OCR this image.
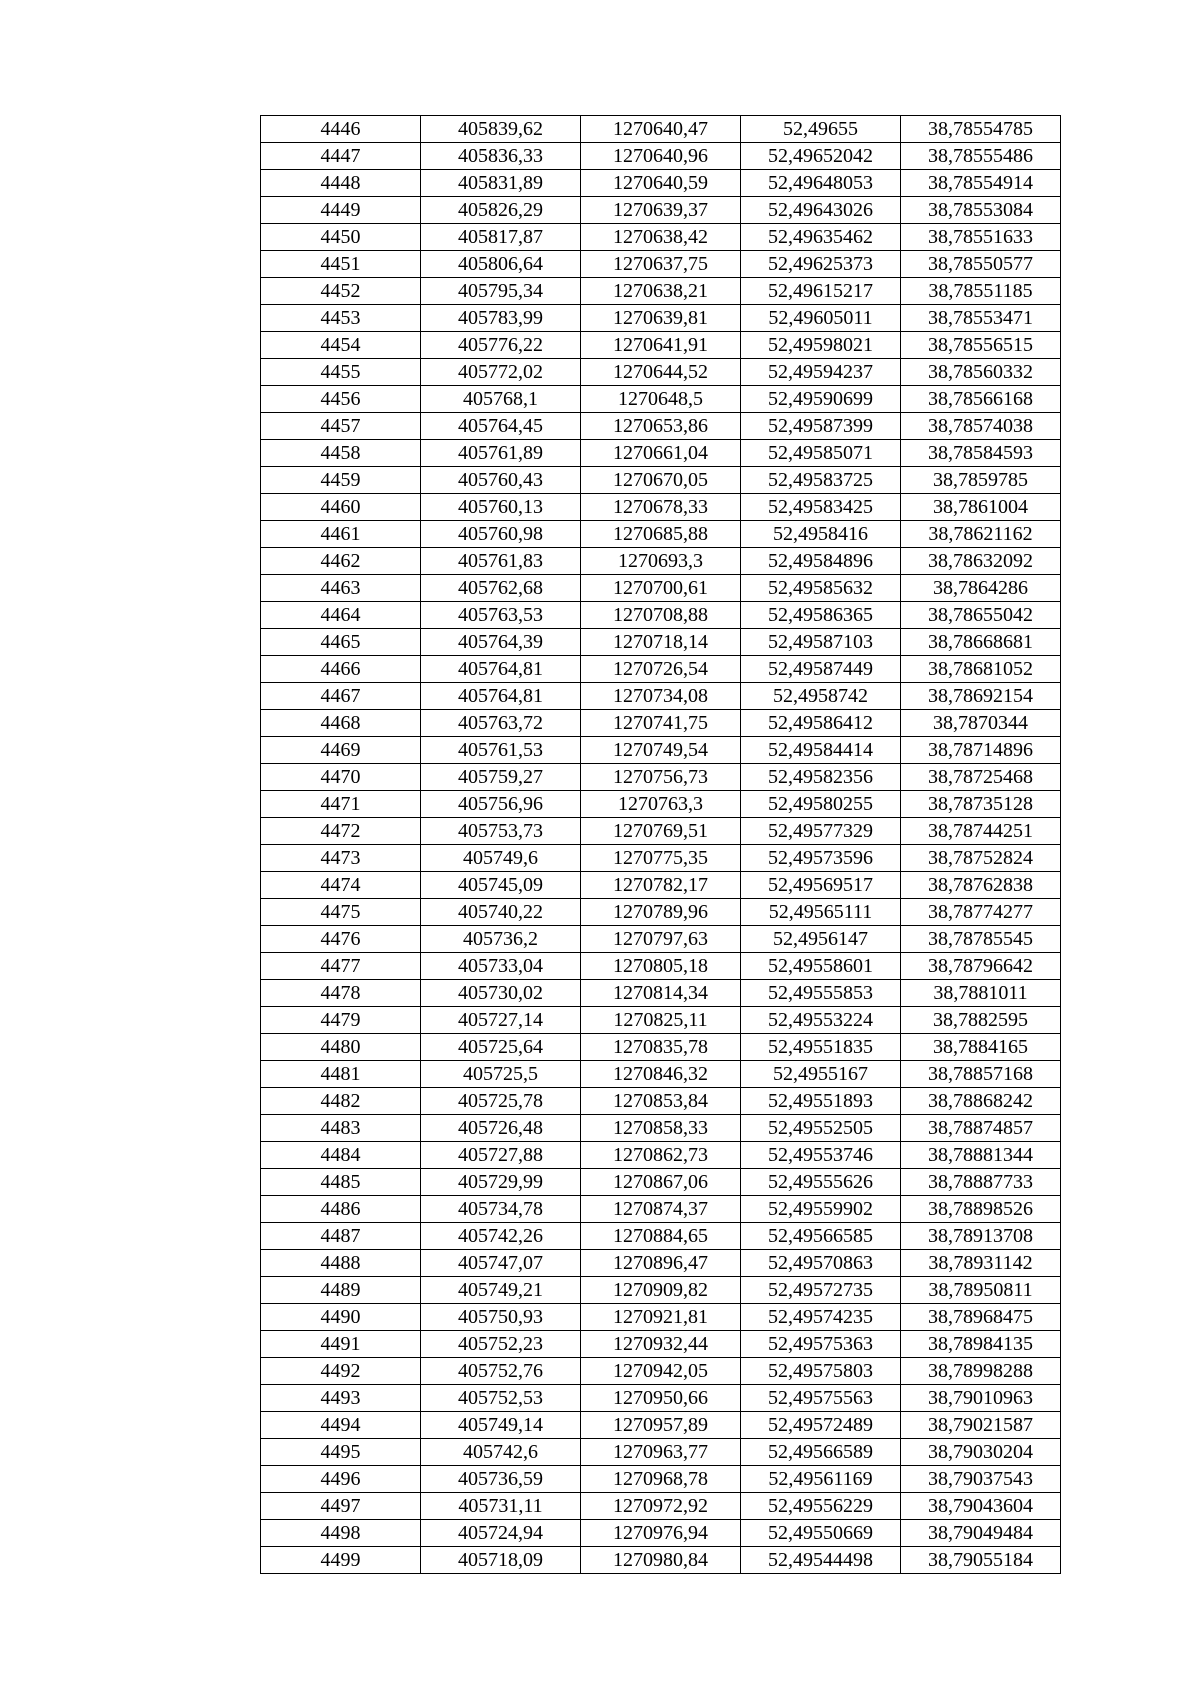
4446	405839,62	1270640,47	52,49655	38,78554785
4447	405836,33	1270640,96	52,49652042	38,78555486
4448	405831,89	1270640,59	52,49648053	38,78554914
4449	405826,29	1270639,37	52,49643026	38,78553084
4450	405817,87	1270638,42	52,49635462	38,78551633
4451	405806,64	1270637,75	52,49625373	38,78550577
4452	405795,34	1270638,21	52,49615217	38,78551185
4453	405783,99	1270639,81	52,49605011	38,78553471
4454	405776,22	1270641,91	52,49598021	38,78556515
4455	405772,02	1270644,52	52,49594237	38,78560332
4456	405768,1	1270648,5	52,49590699	38,78566168
4457	405764,45	1270653,86	52,49587399	38,78574038
4458	405761,89	1270661,04	52,49585071	38,78584593
4459	405760,43	1270670,05	52,49583725	38,7859785
4460	405760,13	1270678,33	52,49583425	38,7861004
4461	405760,98	1270685,88	52,4958416	38,78621162
4462	405761,83	1270693,3	52,49584896	38,78632092
4463	405762,68	1270700,61	52,49585632	38,7864286
4464	405763,53	1270708,88	52,49586365	38,78655042
4465	405764,39	1270718,14	52,49587103	38,78668681
4466	405764,81	1270726,54	52,49587449	38,78681052
4467	405764,81	1270734,08	52,4958742	38,78692154
4468	405763,72	1270741,75	52,49586412	38,7870344
4469	405761,53	1270749,54	52,49584414	38,78714896
4470	405759,27	1270756,73	52,49582356	38,78725468
4471	405756,96	1270763,3	52,49580255	38,78735128
4472	405753,73	1270769,51	52,49577329	38,78744251
4473	405749,6	1270775,35	52,49573596	38,78752824
4474	405745,09	1270782,17	52,49569517	38,78762838
4475	405740,22	1270789,96	52,49565111	38,78774277
4476	405736,2	1270797,63	52,4956147	38,78785545
4477	405733,04	1270805,18	52,49558601	38,78796642
4478	405730,02	1270814,34	52,49555853	38,7881011
4479	405727,14	1270825,11	52,49553224	38,7882595
4480	405725,64	1270835,78	52,49551835	38,7884165
4481	405725,5	1270846,32	52,4955167	38,78857168
4482	405725,78	1270853,84	52,49551893	38,78868242
4483	405726,48	1270858,33	52,49552505	38,78874857
4484	405727,88	1270862,73	52,49553746	38,78881344
4485	405729,99	1270867,06	52,49555626	38,78887733
4486	405734,78	1270874,37	52,49559902	38,78898526
4487	405742,26	1270884,65	52,49566585	38,78913708
4488	405747,07	1270896,47	52,49570863	38,78931142
4489	405749,21	1270909,82	52,49572735	38,78950811
4490	405750,93	1270921,81	52,49574235	38,78968475
4491	405752,23	1270932,44	52,49575363	38,78984135
4492	405752,76	1270942,05	52,49575803	38,78998288
4493	405752,53	1270950,66	52,49575563	38,79010963
4494	405749,14	1270957,89	52,49572489	38,79021587
4495	405742,6	1270963,77	52,49566589	38,79030204
4496	405736,59	1270968,78	52,49561169	38,79037543
4497	405731,11	1270972,92	52,49556229	38,79043604
4498	405724,94	1270976,94	52,49550669	38,79049484
4499	405718,09	1270980,84	52,49544498	38,79055184
